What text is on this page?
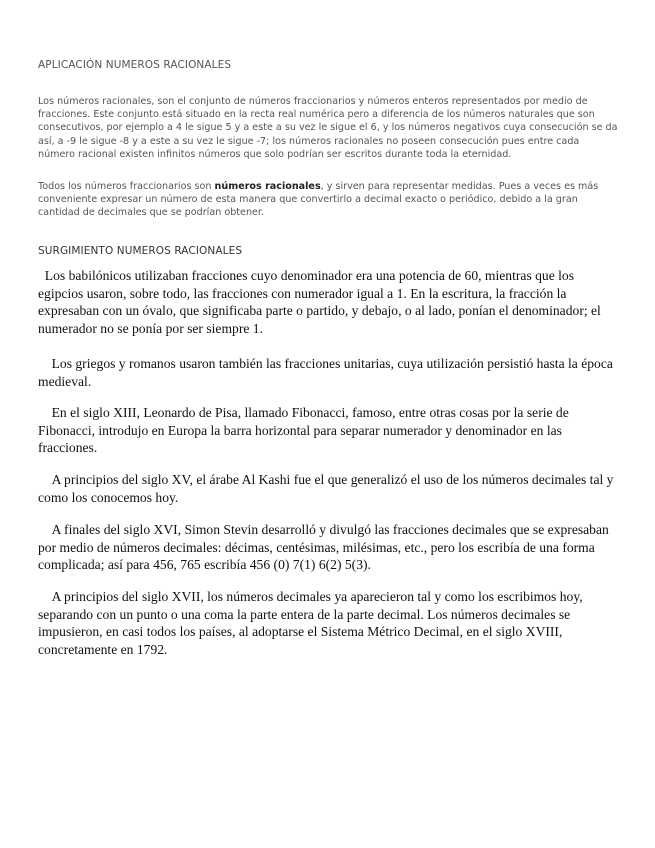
APLICACIÓN NUMEROS RACIONALES

Los números racionales, son el conjunto de números fraccionarios y números enteros representados por medio de fracciones. Este conjunto está situado en la recta real numérica pero a diferencia de los números naturales que son consecutivos, por ejemplo a 4 le sigue 5 y a este a su vez le sigue el 6, y los números negativos cuya consecución se da así, a -9 le sigue -8 y a este a su vez le sigue -7; los números racionales no poseen consecución pues entre cada número racional existen infinitos números que solo podrían ser escritos durante toda la eternidad.

Todos los números fraccionarios son números racionales, y sirven para representar medidas. Pues a veces es más conveniente expresar un número de esta manera que convertirlo a decimal exacto o periódico, debido a la gran cantidad de decimales que se podrían obtener.

SURGIMIENTO NUMEROS RACIONALES

Los babilónicos utilizaban fracciones cuyo denominador era una potencia de 60, mientras que los egipcios usaron, sobre todo, las fracciones con numerador igual a 1. En la escritura, la fracción la expresaban con un óvalo, que significaba parte o partido, y debajo, o al lado, ponían el denominador; el numerador no se ponía por ser siempre 1.

Los griegos y romanos usaron también las fracciones unitarias, cuya utilización persistió hasta la época medieval.

En el siglo XIII, Leonardo de Pisa, llamado Fibonacci, famoso, entre otras cosas por la serie de Fibonacci, introdujo en Europa la barra horizontal para separar numerador y denominador en las fracciones.

A principios del siglo XV, el árabe Al Kashi fue el que generalizó el uso de los números decimales tal y como los conocemos hoy.

A finales del siglo XVI, Simon Stevin desarrolló y divulgó las fracciones decimales que se expresaban por medio de números decimales: décimas, centésimas, milésimas, etc., pero los escribía de una forma complicada; así para 456, 765 escribía 456 (0) 7(1) 6(2) 5(3).

A principios del siglo XVII, los números decimales ya aparecieron tal y como los escribimos hoy, separando con un punto o una coma la parte entera de la parte decimal. Los números decimales se impusieron, en casi todos los países, al adoptarse el Sistema Métrico Decimal, en el siglo XVIII, concretamente en 1792.
